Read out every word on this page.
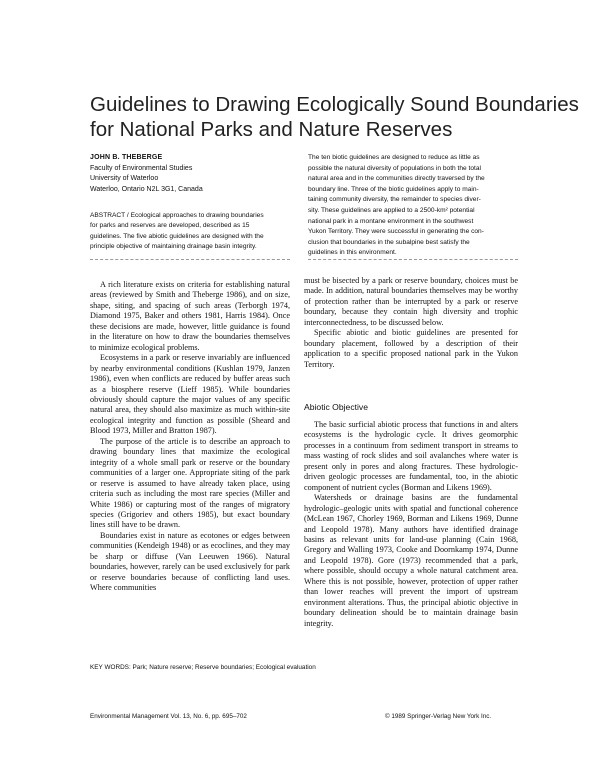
Guidelines to Drawing Ecologically Sound Boundaries
for National Parks and Nature Reserves
JOHN B. THEBERGE
Faculty of Environmental Studies
University of Waterloo
Waterloo, Ontario N2L 3G1, Canada
ABSTRACT / Ecological approaches to drawing boundaries
for parks and reserves are developed, described as 15
guidelines. The five abiotic guidelines are designed with the
principle objective of maintaining drainage basin integrity.
The ten biotic guidelines are designed to reduce as little as
possible the natural diversity of populations in both the total
natural area and in the communities directly traversed by the
boundary line. Three of the biotic guidelines apply to main-
taining community diversity, the remainder to species diver-
sity. These guidelines are applied to a 2500-km² potential
national park in a montane environment in the southwest
Yukon Territory. They were successful in generating the con-
clusion that boundaries in the subalpine best satisfy the
guidelines in this environment.

A rich literature exists on criteria for establishing natural areas (reviewed by Smith and Theberge 1986), and on size, shape, siting, and spacing of such areas (Terborgh 1974, Diamond 1975, Baker and others 1981, Harris 1984). Once these decisions are made, however, little guidance is found in the literature on how to draw the boundaries themselves to minimize ecological problems.

Ecosystems in a park or reserve invariably are influenced by nearby environmental conditions (Kushlan 1979, Janzen 1986), even when conflicts are reduced by buffer areas such as a biosphere reserve (Lieff 1985). While boundaries obviously should capture the major values of any specific natural area, they should also maximize as much within-site ecological integrity and function as possible (Sheard and Blood 1973, Miller and Bratton 1987).

The purpose of the article is to describe an approach to drawing boundary lines that maximize the ecological integrity of a whole small park or reserve or the boundary communities of a larger one. Appropriate siting of the park or reserve is assumed to have already taken place, using criteria such as including the most rare species (Miller and White 1986) or capturing most of the ranges of migratory species (Grigoriev and others 1985), but exact boundary lines still have to be drawn.

Boundaries exist in nature as ecotones or edges between communities (Kendeigh 1948) or as ecoclines, and they may be sharp or diffuse (Van Leeuwen 1966). Natural boundaries, however, rarely can be used exclusively for park or reserve boundaries because of conflicting land uses. Where communities

must be bisected by a park or reserve boundary, choices must be made. In addition, natural boundaries themselves may be worthy of protection rather than be interrupted by a park or reserve boundary, because they contain high diversity and trophic interconnectedness, to be discussed below.

Specific abiotic and biotic guidelines are presented for boundary placement, followed by a description of their application to a specific proposed national park in the Yukon Territory.

Abiotic Objective

The basic surficial abiotic process that functions in and alters ecosystems is the hydrologic cycle. It drives geomorphic processes in a continuum from sediment transport in streams to mass wasting of rock slides and soil avalanches where water is present only in pores and along fractures. These hydrologic-driven geologic processes are fundamental, too, in the abiotic component of nutrient cycles (Borman and Likens 1969).

Watersheds or drainage basins are the fundamental hydrologic–geologic units with spatial and functional coherence (McLean 1967, Chorley 1969, Borman and Likens 1969, Dunne and Leopold 1978). Many authors have identified drainage basins as relevant units for land-use planning (Cain 1968, Gregory and Walling 1973, Cooke and Doornkamp 1974, Dunne and Leopold 1978). Gore (1973) recommended that a park, where possible, should occupy a whole natural catchment area. Where this is not possible, however, protection of upper rather than lower reaches will prevent the import of upstream environment alterations. Thus, the principal abiotic objective in boundary delineation should be to maintain drainage basin integrity.

KEY WORDS: Park; Nature reserve; Reserve boundaries; Ecological evaluation
Environmental Management Vol. 13, No. 6, pp. 695–702	© 1989 Springer-Verlag New York Inc.
